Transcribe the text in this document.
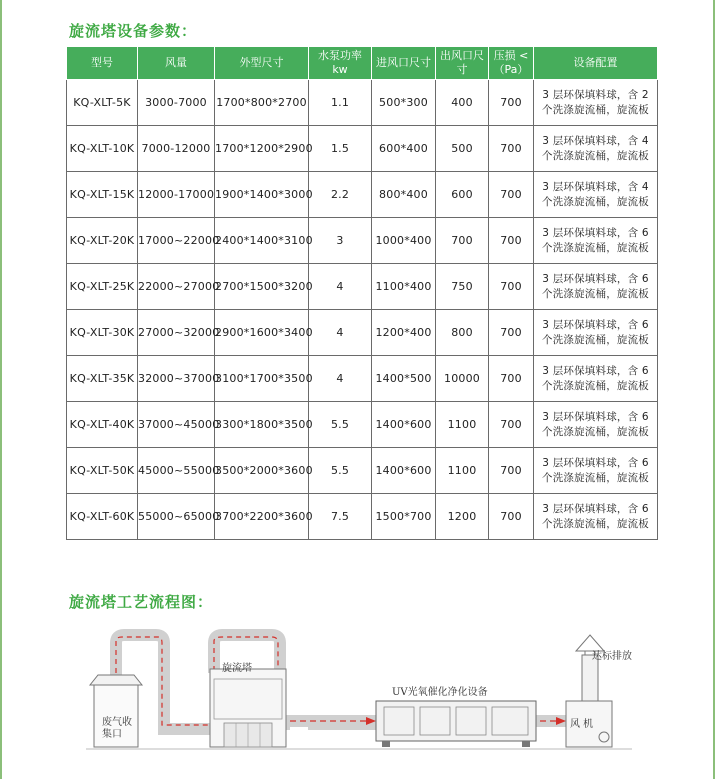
旋流塔设备参数：
型号	风量	外型尺寸	水泵功率 kw	进风口尺寸	出风口尺寸	压损 <（Pa）	设备配置
KQ-XLT-5K	3000-7000	1700*800*2700	1.1	500*300	400	700	3 层环保填料球，含 2 个洗涤旋流桶，旋流板
KQ-XLT-10K	7000-12000	1700*1200*2900	1.5	600*400	500	700	3 层环保填料球，含 4 个洗涤旋流桶，旋流板
KQ-XLT-15K	12000-17000	1900*1400*3000	2.2	800*400	600	700	3 层环保填料球，含 4 个洗涤旋流桶，旋流板
KQ-XLT-20K	17000~22000	2400*1400*3100	3	1000*400	700	700	3 层环保填料球，含 6 个洗涤旋流桶，旋流板
KQ-XLT-25K	22000~27000	2700*1500*3200	4	1100*400	750	700	3 层环保填料球，含 6 个洗涤旋流桶，旋流板
KQ-XLT-30K	27000~32000	2900*1600*3400	4	1200*400	800	700	3 层环保填料球，含 6 个洗涤旋流桶，旋流板
KQ-XLT-35K	32000~37000	3100*1700*3500	4	1400*500	10000	700	3 层环保填料球，含 6 个洗涤旋流桶，旋流板
KQ-XLT-40K	37000~45000	3300*1800*3500	5.5	1400*600	1100	700	3 层环保填料球，含 6 个洗涤旋流桶，旋流板
KQ-XLT-50K	45000~55000	3500*2000*3600	5.5	1400*600	1100	700	3 层环保填料球，含 6 个洗涤旋流桶，旋流板
KQ-XLT-60K	55000~65000	3700*2200*3600	7.5	1500*700	1200	700	3 层环保填料球，含 6 个洗涤旋流桶，旋流板
旋流塔工艺流程图：
废气收集口
旋流塔
UV光氧催化净化设备
风 机
达标排放
